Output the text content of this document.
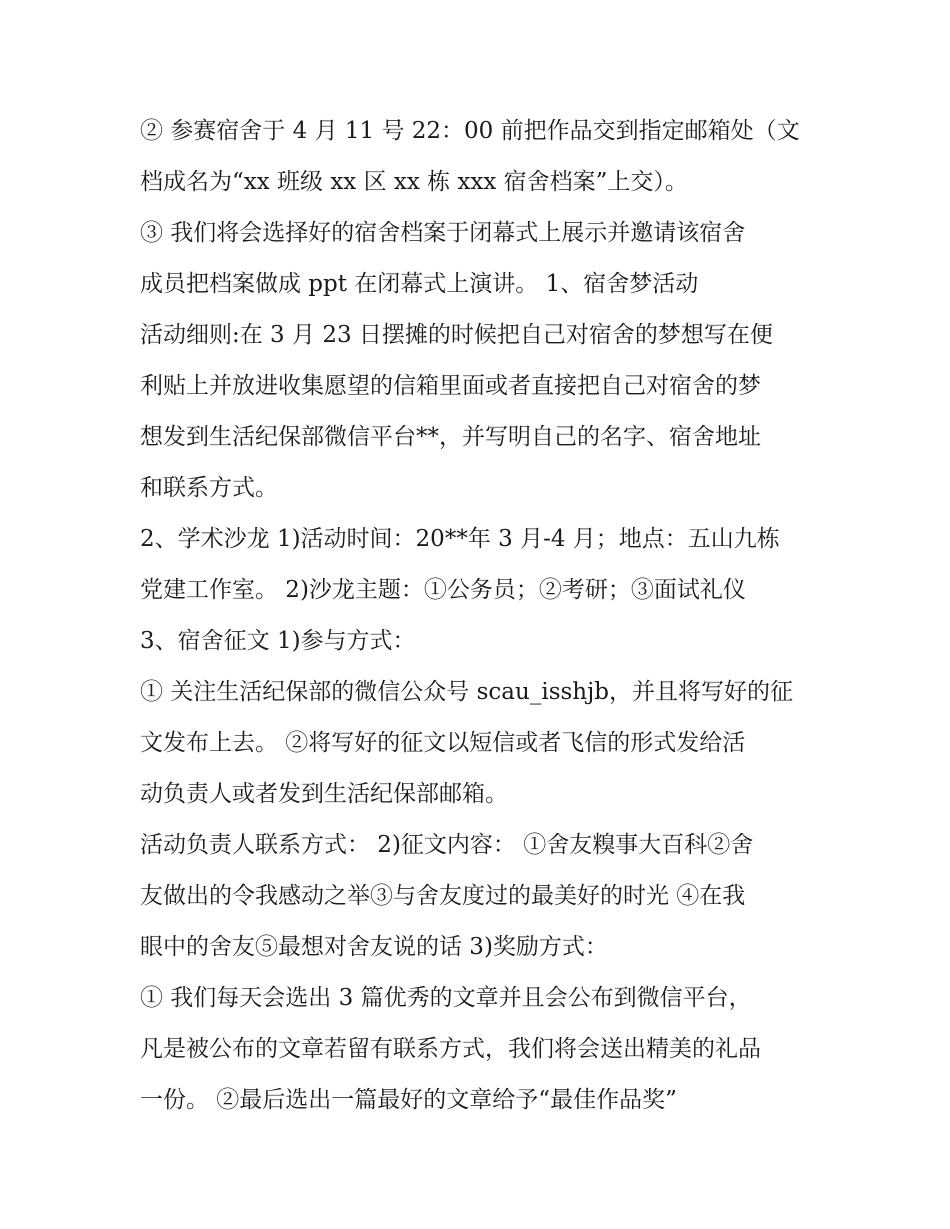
② 参赛宿舍于 4 月 11 号 22：00 前把作品交到指定邮箱处（文
档成名为“xx 班级 xx 区 xx 栋 xxx 宿舍档案”上交）。
③ 我们将会选择好的宿舍档案于闭幕式上展示并邀请该宿舍
成员把档案做成 ppt 在闭幕式上演讲。 1、宿舍梦活动
活动细则:在 3 月 23 日摆摊的时候把自己对宿舍的梦想写在便
利贴上并放进收集愿望的信箱里面或者直接把自己对宿舍的梦
想发到生活纪保部微信平台**，并写明自己的名字、宿舍地址
和联系方式。
2、学术沙龙 1)活动时间：20**年 3 月-4 月；地点：五山九栋
党建工作室。 2)沙龙主题：①公务员；②考研；③面试礼仪
3、宿舍征文 1)参与方式：
① 关注生活纪保部的微信公众号 scau_isshjb，并且将写好的征
文发布上去。 ②将写好的征文以短信或者飞信的形式发给活
动负责人或者发到生活纪保部邮箱。
活动负责人联系方式： 2)征文内容： ①舍友糗事大百科②舍
友做出的令我感动之举③与舍友度过的最美好的时光 ④在我
眼中的舍友⑤最想对舍友说的话 3)奖励方式：
① 我们每天会选出 3 篇优秀的文章并且会公布到微信平台，
凡是被公布的文章若留有联系方式，我们将会送出精美的礼品
一份。 ②最后选出一篇最好的文章给予“最佳作品奖”
